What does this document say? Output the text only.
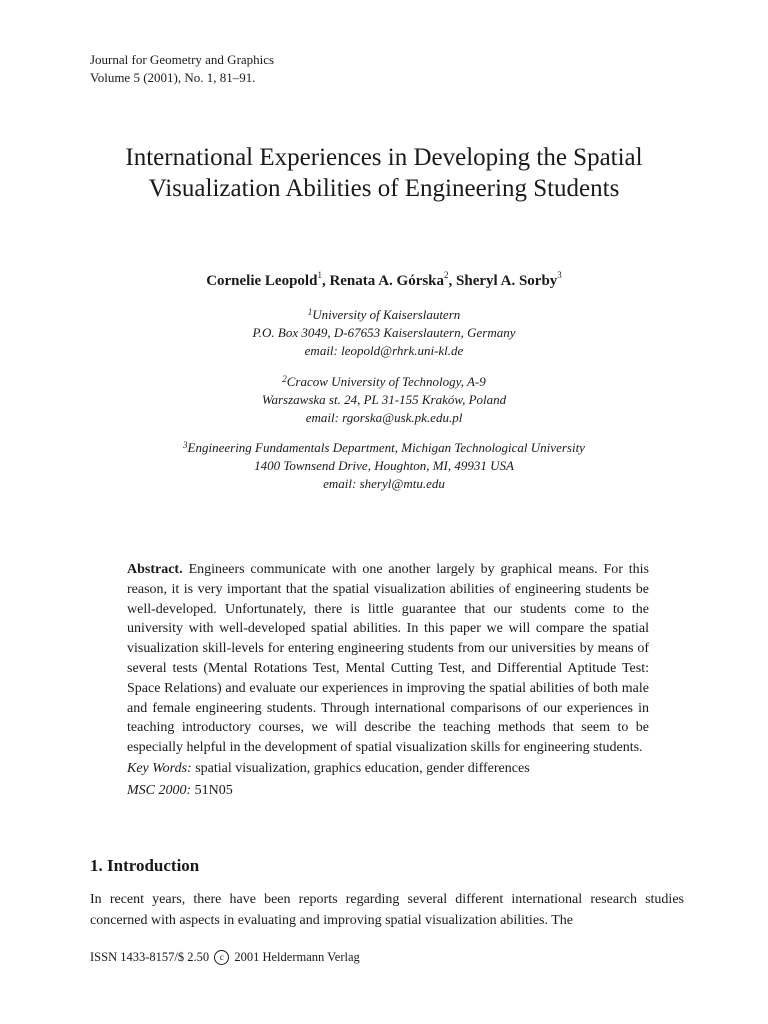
Journal for Geometry and Graphics
Volume 5 (2001), No. 1, 81–91.
International Experiences in Developing the Spatial Visualization Abilities of Engineering Students
Cornelie Leopold$^1$, Renata A. Górska$^2$, Sheryl A. Sorby$^3$
$^1$University of Kaiserslautern
P.O. Box 3049, D-67653 Kaiserslautern, Germany
email: leopold@rhrk.uni-kl.de
$^2$Cracow University of Technology, A-9
Warszawska st. 24, PL 31-155 Kraków, Poland
email: rgorska@usk.pk.edu.pl
$^3$Engineering Fundamentals Department, Michigan Technological University
1400 Townsend Drive, Houghton, MI, 49931 USA
email: sheryl@mtu.edu

Abstract. Engineers communicate with one another largely by graphical means. For this reason, it is very important that the spatial visualization abilities of engineering students be well-developed. Unfortunately, there is little guarantee that our students come to the university with well-developed spatial abilities. In this paper we will compare the spatial visualization skill-levels for entering engineering students from our universities by means of several tests (Mental Rotations Test, Mental Cutting Test, and Differential Aptitude Test: Space Relations) and evaluate our experiences in improving the spatial abilities of both male and female engineering students. Through international comparisons of our experiences in teaching introductory courses, we will describe the teaching methods that seem to be especially helpful in the development of spatial visualization skills for engineering students.

Key Words: spatial visualization, graphics education, gender differences

MSC 2000: 51N05

1. Introduction

In recent years, there have been reports regarding several different international research studies concerned with aspects in evaluating and improving spatial visualization abilities. The

ISSN 1433-8157/$ 2.50 c 2001 Heldermann Verlag
